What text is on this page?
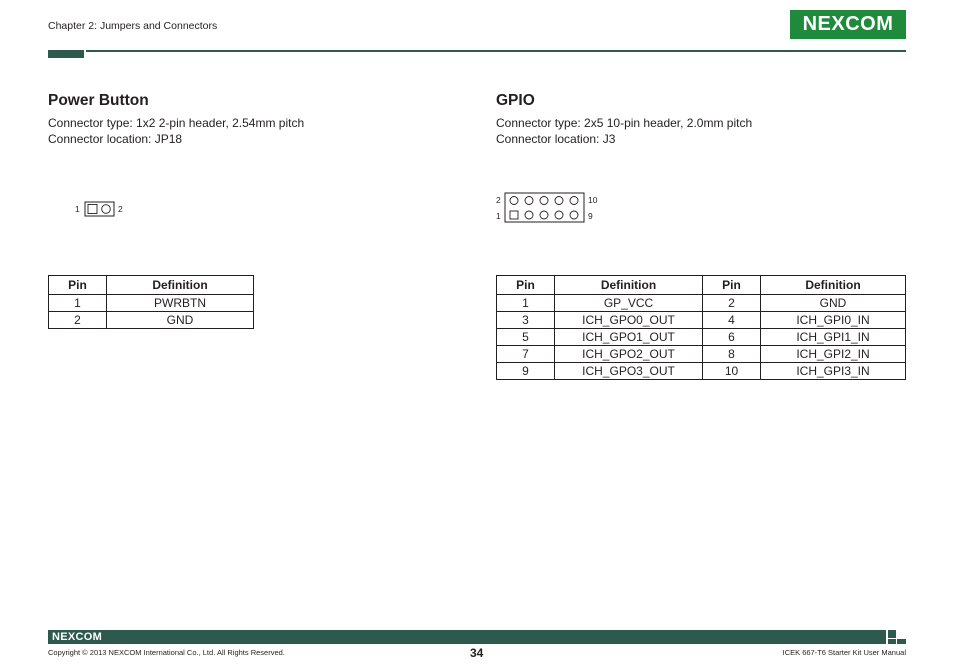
Chapter 2: Jumpers and Connectors	NEXCOM
Power Button
Connector type: 1x2 2-pin header, 2.54mm pitch
Connector location: JP18
1	2
Pin	Definition
1	PWRBTN
2	GND
GPIO
Connector type: 2x5 10-pin header, 2.0mm pitch
Connector location: J3
2
1
10
9
Pin	Definition	Pin	Definition
1	GP_VCC	2	GND
3	ICH_GPO0_OUT	4	ICH_GPI0_IN
5	ICH_GPO1_OUT	6	ICH_GPI1_IN
7	ICH_GPO2_OUT	8	ICH_GPI2_IN
9	ICH_GPO3_OUT	10	ICH_GPI3_IN
NEXCOM
Copyright © 2013 NEXCOM International Co., Ltd. All Rights Reserved.	34	ICEK 667-T6 Starter Kit User Manual
